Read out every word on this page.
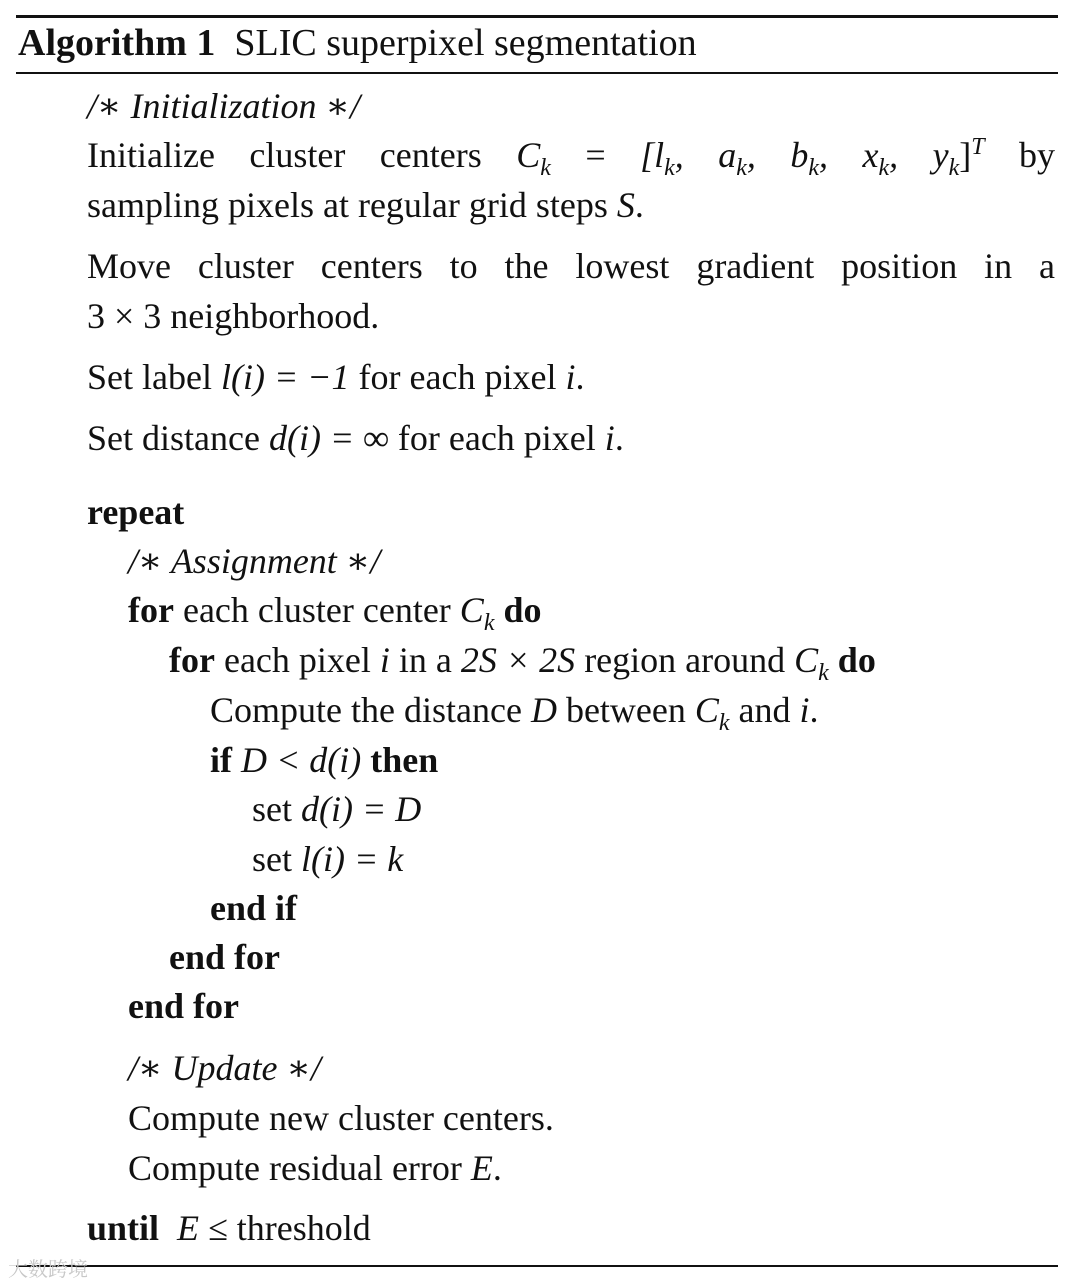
Algorithm 1 SLIC superpixel segmentation
/∗ Initialization ∗/
Initialize cluster centers $C_k = [l_k$, $a_k$, $b_k$, $x_k$, $y_k]^T$ by
sampling pixels at regular grid steps S.
Move cluster centers to the lowest gradient position in a
3 × 3 neighborhood.
Set label l(i) = −1 for each pixel i.
Set distance d(i) = ∞ for each pixel i.
repeat
/∗ Assignment ∗/
for each cluster center $C_k$ do
for each pixel i in a 2S × 2S region around $C_k$ do
Compute the distance D between $C_k$ and i.
if D < d(i) then
set d(i) = D
set l(i) = k
end if
end for
end for
/∗ Update ∗/
Compute new cluster centers.
Compute residual error E.
until E ≤ threshold
大数跨境
